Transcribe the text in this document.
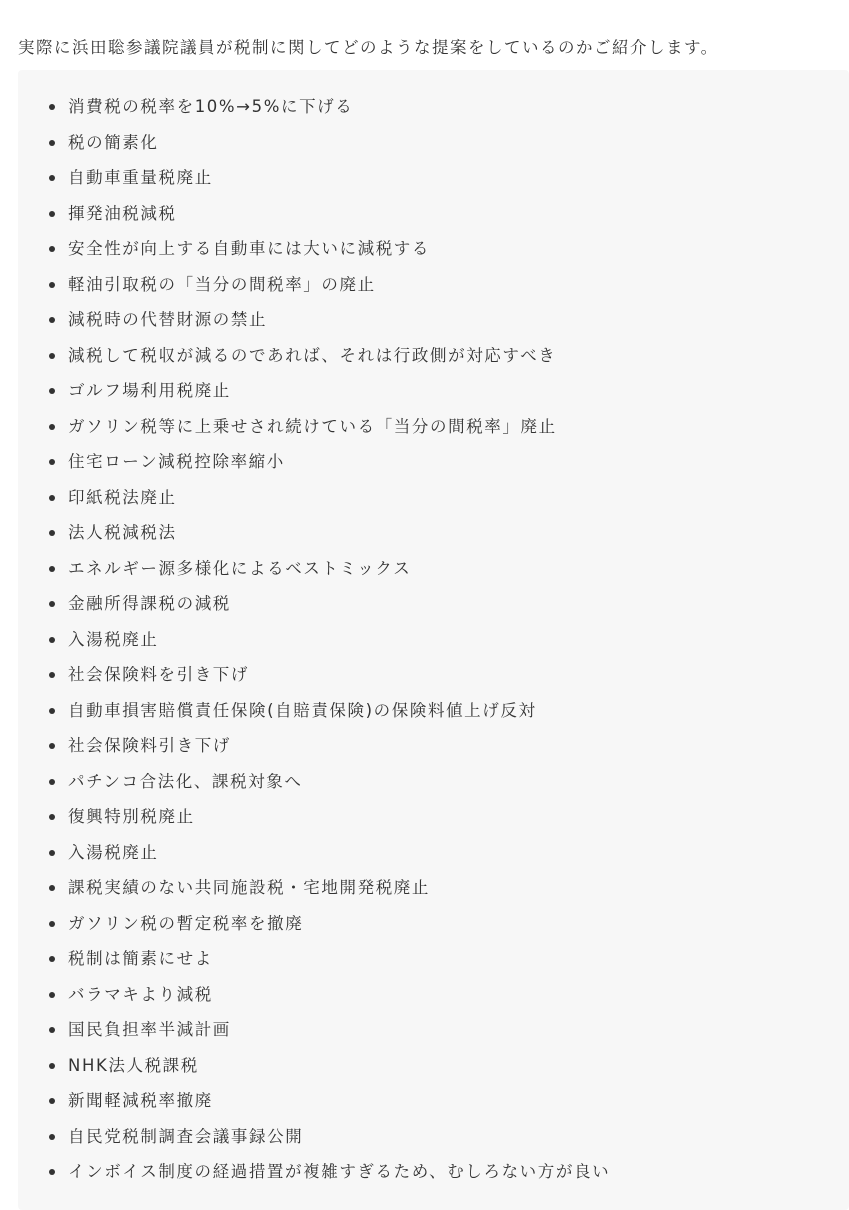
実際に浜田聡参議院議員が税制に関してどのような提案をしているのかご紹介します。

消費税の税率を10%→5%に下げる
税の簡素化
自動車重量税廃止
揮発油税減税
安全性が向上する自動車には大いに減税する
軽油引取税の「当分の間税率」の廃止
減税時の代替財源の禁止
減税して税収が減るのであれば、それは行政側が対応すべき
ゴルフ場利用税廃止
ガソリン税等に上乗せされ続けている「当分の間税率」廃止
住宅ローン減税控除率縮小
印紙税法廃止
法人税減税法
エネルギー源多様化によるベストミックス
金融所得課税の減税
入湯税廃止
社会保険料を引き下げ
自動車損害賠償責任保険(自賠責保険)の保険料値上げ反対
社会保険料引き下げ
パチンコ合法化、課税対象へ
復興特別税廃止
入湯税廃止
課税実績のない共同施設税・宅地開発税廃止
ガソリン税の暫定税率を撤廃
税制は簡素にせよ
バラマキより減税
国民負担率半減計画
NHK法人税課税
新聞軽減税率撤廃
自民党税制調査会議事録公開
インボイス制度の経過措置が複雑すぎるため、むしろない方が良い
